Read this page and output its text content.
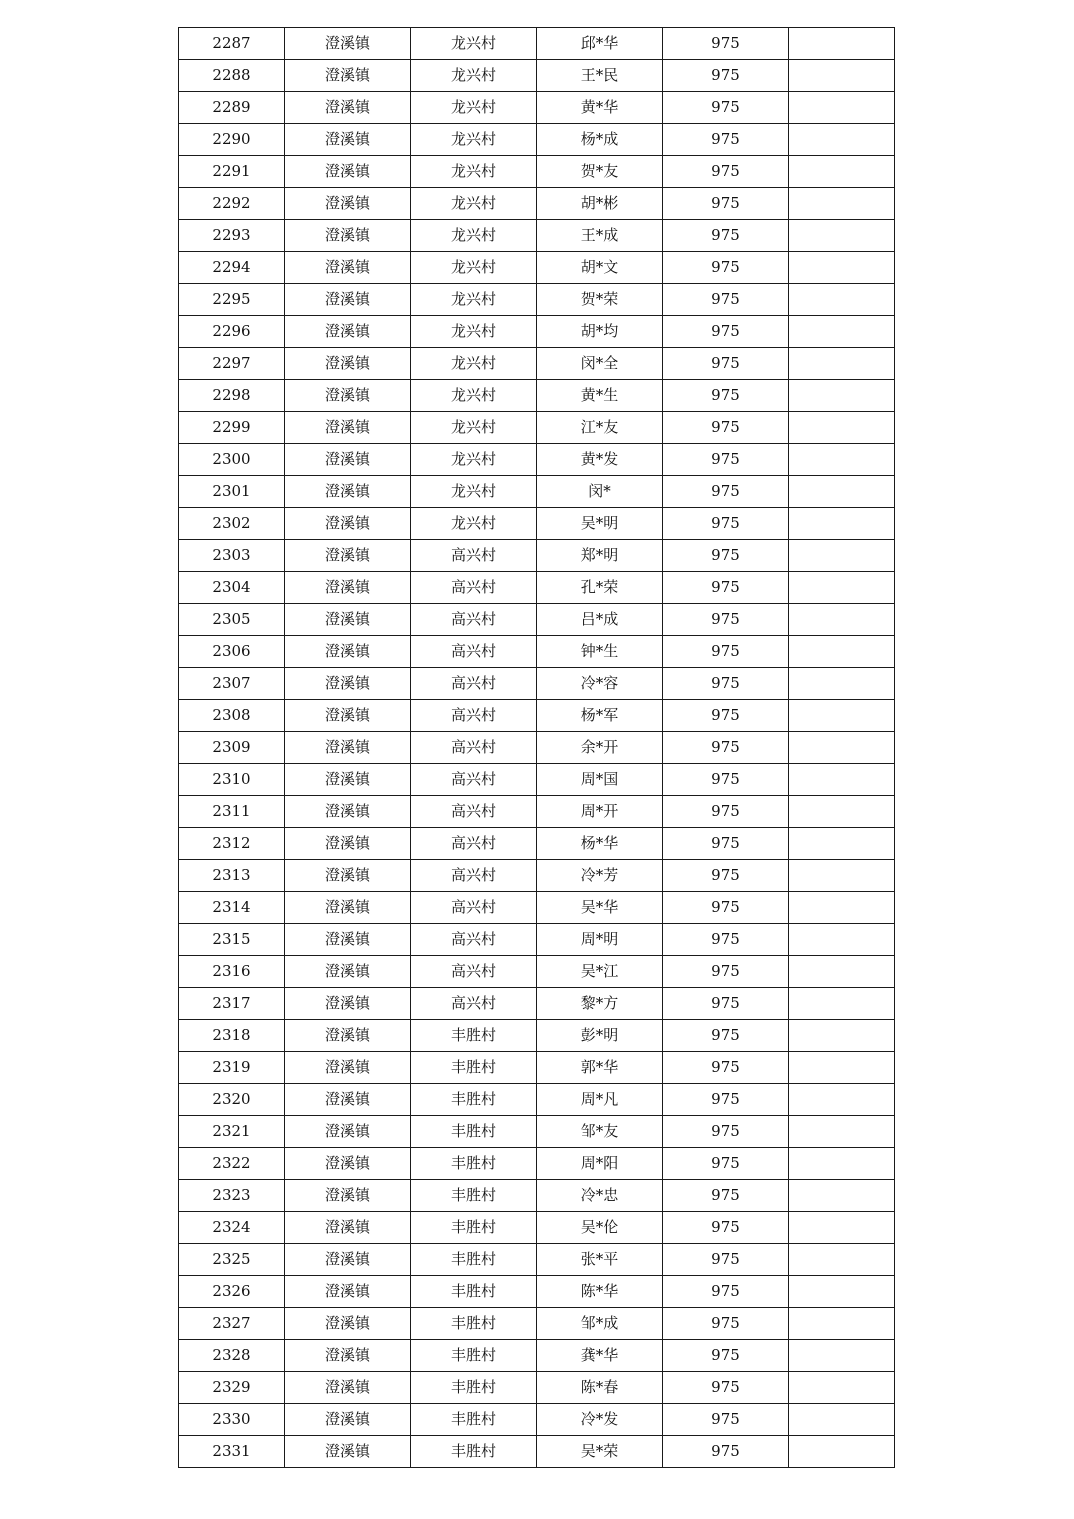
2287	澄溪镇	龙兴村	邱*华	975	
2288	澄溪镇	龙兴村	王*民	975	
2289	澄溪镇	龙兴村	黄*华	975	
2290	澄溪镇	龙兴村	杨*成	975	
2291	澄溪镇	龙兴村	贺*友	975	
2292	澄溪镇	龙兴村	胡*彬	975	
2293	澄溪镇	龙兴村	王*成	975	
2294	澄溪镇	龙兴村	胡*文	975	
2295	澄溪镇	龙兴村	贺*荣	975	
2296	澄溪镇	龙兴村	胡*均	975	
2297	澄溪镇	龙兴村	闵*全	975	
2298	澄溪镇	龙兴村	黄*生	975	
2299	澄溪镇	龙兴村	江*友	975	
2300	澄溪镇	龙兴村	黄*发	975	
2301	澄溪镇	龙兴村	闵*	975	
2302	澄溪镇	龙兴村	吴*明	975	
2303	澄溪镇	高兴村	郑*明	975	
2304	澄溪镇	高兴村	孔*荣	975	
2305	澄溪镇	高兴村	吕*成	975	
2306	澄溪镇	高兴村	钟*生	975	
2307	澄溪镇	高兴村	冷*容	975	
2308	澄溪镇	高兴村	杨*军	975	
2309	澄溪镇	高兴村	余*开	975	
2310	澄溪镇	高兴村	周*国	975	
2311	澄溪镇	高兴村	周*开	975	
2312	澄溪镇	高兴村	杨*华	975	
2313	澄溪镇	高兴村	冷*芳	975	
2314	澄溪镇	高兴村	吴*华	975	
2315	澄溪镇	高兴村	周*明	975	
2316	澄溪镇	高兴村	吴*江	975	
2317	澄溪镇	高兴村	黎*方	975	
2318	澄溪镇	丰胜村	彭*明	975	
2319	澄溪镇	丰胜村	郭*华	975	
2320	澄溪镇	丰胜村	周*凡	975	
2321	澄溪镇	丰胜村	邹*友	975	
2322	澄溪镇	丰胜村	周*阳	975	
2323	澄溪镇	丰胜村	冷*忠	975	
2324	澄溪镇	丰胜村	吴*伦	975	
2325	澄溪镇	丰胜村	张*平	975	
2326	澄溪镇	丰胜村	陈*华	975	
2327	澄溪镇	丰胜村	邹*成	975	
2328	澄溪镇	丰胜村	龚*华	975	
2329	澄溪镇	丰胜村	陈*春	975	
2330	澄溪镇	丰胜村	冷*发	975	
2331	澄溪镇	丰胜村	吴*荣	975	
